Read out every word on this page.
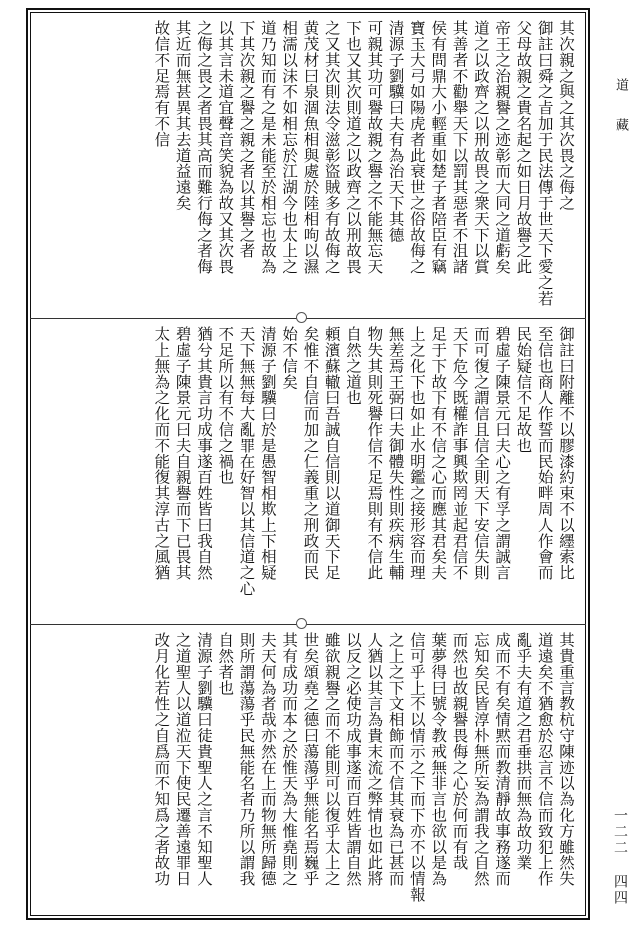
其次親之與之其次畏之侮之
御註曰舜之㫖加于民法傳于世天下愛之若
父母故親之貴名起之如日月故譽之此
帝王之治親譽之迹彰而大同之道虧矣
道之以政齊之以刑故畏之衆天下以賞
其善者不勸舉天下以罰其惡者不沮諸
侯有問鼎大小輕重如楚子者陪臣有竊
寶玉大弓如陽虎者此衰世之俗故侮之
清源子劉驥曰夫有為治天下其德
可親其功可譽故親之譽之不能無忘天
下也又其次則道之以政齊之以刑故畏
之又其次則法令滋彰盜賊多有故侮之
黄茂材曰泉涸魚相與處於陸相呴以濕
相濡以沫不如相忘於江湖今也太上之
道乃知而有之是未能至於相忘也故為
下其次親之譽之親之者以其譽之者
以其言未道宜聲音笑貌為故又其次畏
之侮之畏之者畏其高而難行侮之者侮
其近而無甚異其去道益遠矣
故信不足焉有不信
御註曰附離不以膠漆約束不以纆索比
至信也商人作誓而民始畔周人作會而
民始疑信不足故也
碧虛子陳景元曰夫心之有孚之謂誠言
而可復之謂信且信全則天下安信失則
天下危今既權詐事興欺罔並起君信不
足于下故下有不信之心而應其君矣夫
上之化下也如止水明鑑之接形容而理
無差焉王弼曰夫御體失性則疾病生輔
物失其則死譽作信不足焉則有不信此
自然之道也
頼濱蘇轍曰吾誠自信則以道御天下足
矣惟不自信而加之仁義重之刑政而民
始不信矣
清源子劉驥曰於是愚智相欺上下相疑
天下無無每大亂罪在好智以其信道之心
不足所以有不信之禍也
猶兮其貴言功成事遂百姓皆曰我自然
碧虛子陳景元曰夫自親譽而下已畏其
太上無為之化而不能復其淳古之風猶
其貴重言教杭守陳迹以為化方雖然失
道遠矣不猶愈於忍言不信而致犯上作
亂乎夫有道之君垂拱而無為故功業
成而不有矣情黙而教清靜故事務遂而
忘知矣民皆淳朴無所妄為謂我之自然
而然也故親譽畏侮之心於何而有哉
葉夢得曰號令教戒無非言也欲以是為
信可乎上不以情示之下而下亦不以情報
之上之下文相飾而不信其衰為已甚而
人猶以其言為貴末流之弊情也如此將
以反之必使功成事遂而百姓皆謂自然
雖欲親譽之而不能則可以復乎太上之
世矣頌堯之德曰蕩蕩乎無能名焉巍乎
其有成功而本之於惟天為大惟堯則之
夫天何為者哉亦然在上而物無所歸德
則所謂蕩蕩乎民無能名者乃所以謂我
自然者也
清源子劉驥曰徒貴聖人之言不知聖人
之道聖人以道涖天下使民遷善遠罪日
改月化若性之自爲而不知爲之者故功
道 藏
一二二 四四
